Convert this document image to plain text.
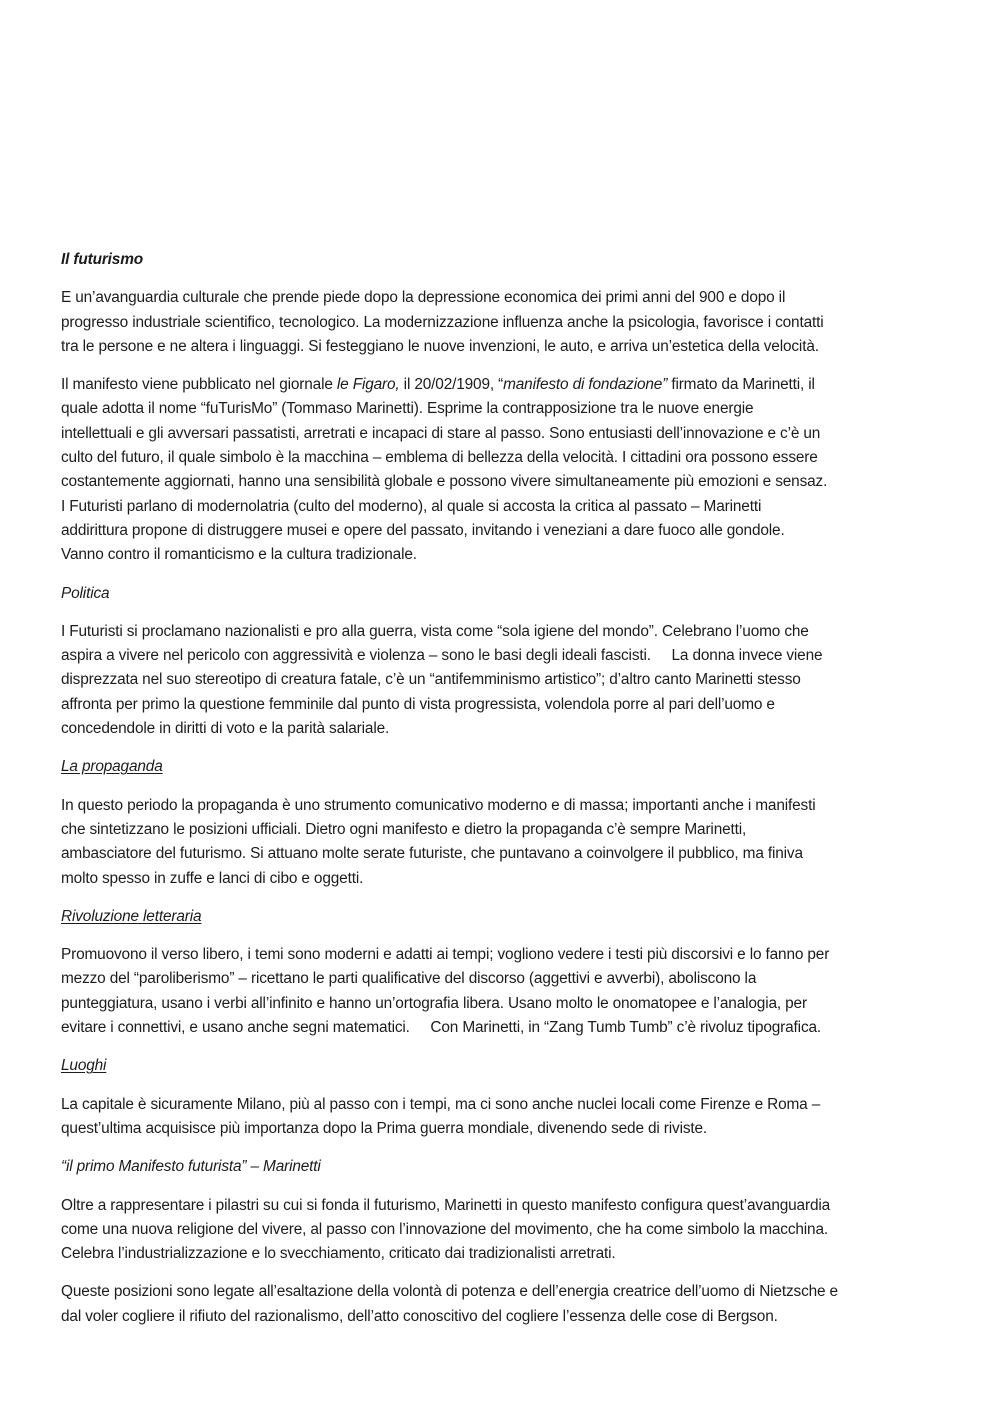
Il futurismo

E un’avanguardia culturale che prende piede dopo la depressione economica dei primi anni del 900 e dopo il
progresso industriale scientifico, tecnologico. La modernizzazione influenza anche la psicologia, favorisce i contatti
tra le persone e ne altera i linguaggi. Si festeggiano le nuove invenzioni, le auto, e arriva un’estetica della velocità.

Il manifesto viene pubblicato nel giornale le Figaro, il 20/02/1909, “manifesto di fondazione” firmato da Marinetti, il
quale adotta il nome “fuTurisMo” (Tommaso Marinetti). Esprime la contrapposizione tra le nuove energie
intellettuali e gli avversari passatisti, arretrati e incapaci di stare al passo. Sono entusiasti dell’innovazione e c’è un
culto del futuro, il quale simbolo è la macchina – emblema di bellezza della velocità. I cittadini ora possono essere
costantemente aggiornati, hanno una sensibilità globale e possono vivere simultaneamente più emozioni e sensaz.
I Futuristi parlano di modernolatria (culto del moderno), al quale si accosta la critica al passato – Marinetti
addirittura propone di distruggere musei e opere del passato, invitando i veneziani a dare fuoco alle gondole.
Vanno contro il romanticismo e la cultura tradizionale.

Politica

I Futuristi si proclamano nazionalisti e pro alla guerra, vista come “sola igiene del mondo”. Celebrano l’uomo che
aspira a vivere nel pericolo con aggressività e violenza – sono le basi degli ideali fascisti.     La donna invece viene
disprezzata nel suo stereotipo di creatura fatale, c’è un “antifemminismo artistico”; d’altro canto Marinetti stesso
affronta per primo la questione femminile dal punto di vista progressista, volendola porre al pari dell’uomo e
concedendole in diritti di voto e la parità salariale.

La propaganda

In questo periodo la propaganda è uno strumento comunicativo moderno e di massa; importanti anche i manifesti
che sintetizzano le posizioni ufficiali. Dietro ogni manifesto e dietro la propaganda c’è sempre Marinetti,
ambasciatore del futurismo. Si attuano molte serate futuriste, che puntavano a coinvolgere il pubblico, ma finiva
molto spesso in zuffe e lanci di cibo e oggetti.

Rivoluzione letteraria

Promuovono il verso libero, i temi sono moderni e adatti ai tempi; vogliono vedere i testi più discorsivi e lo fanno per
mezzo del “paroliberismo” – ricettano le parti qualificative del discorso (aggettivi e avverbi), aboliscono la
punteggiatura, usano i verbi all’infinito e hanno un’ortografia libera. Usano molto le onomatopee e l’analogia, per
evitare i connettivi, e usano anche segni matematici.     Con Marinetti, in “Zang Tumb Tumb” c’è rivoluz tipografica.

Luoghi

La capitale è sicuramente Milano, più al passo con i tempi, ma ci sono anche nuclei locali come Firenze e Roma –
quest’ultima acquisisce più importanza dopo la Prima guerra mondiale, divenendo sede di riviste.

“il primo Manifesto futurista” – Marinetti

Oltre a rappresentare i pilastri su cui si fonda il futurismo, Marinetti in questo manifesto configura quest’avanguardia
come una nuova religione del vivere, al passo con l’innovazione del movimento, che ha come simbolo la macchina.
Celebra l’industrializzazione e lo svecchiamento, criticato dai tradizionalisti arretrati.

Queste posizioni sono legate all’esaltazione della volontà di potenza e dell’energia creatrice dell’uomo di Nietzsche e
dal voler cogliere il rifiuto del razionalismo, dell’atto conoscitivo del cogliere l’essenza delle cose di Bergson.
